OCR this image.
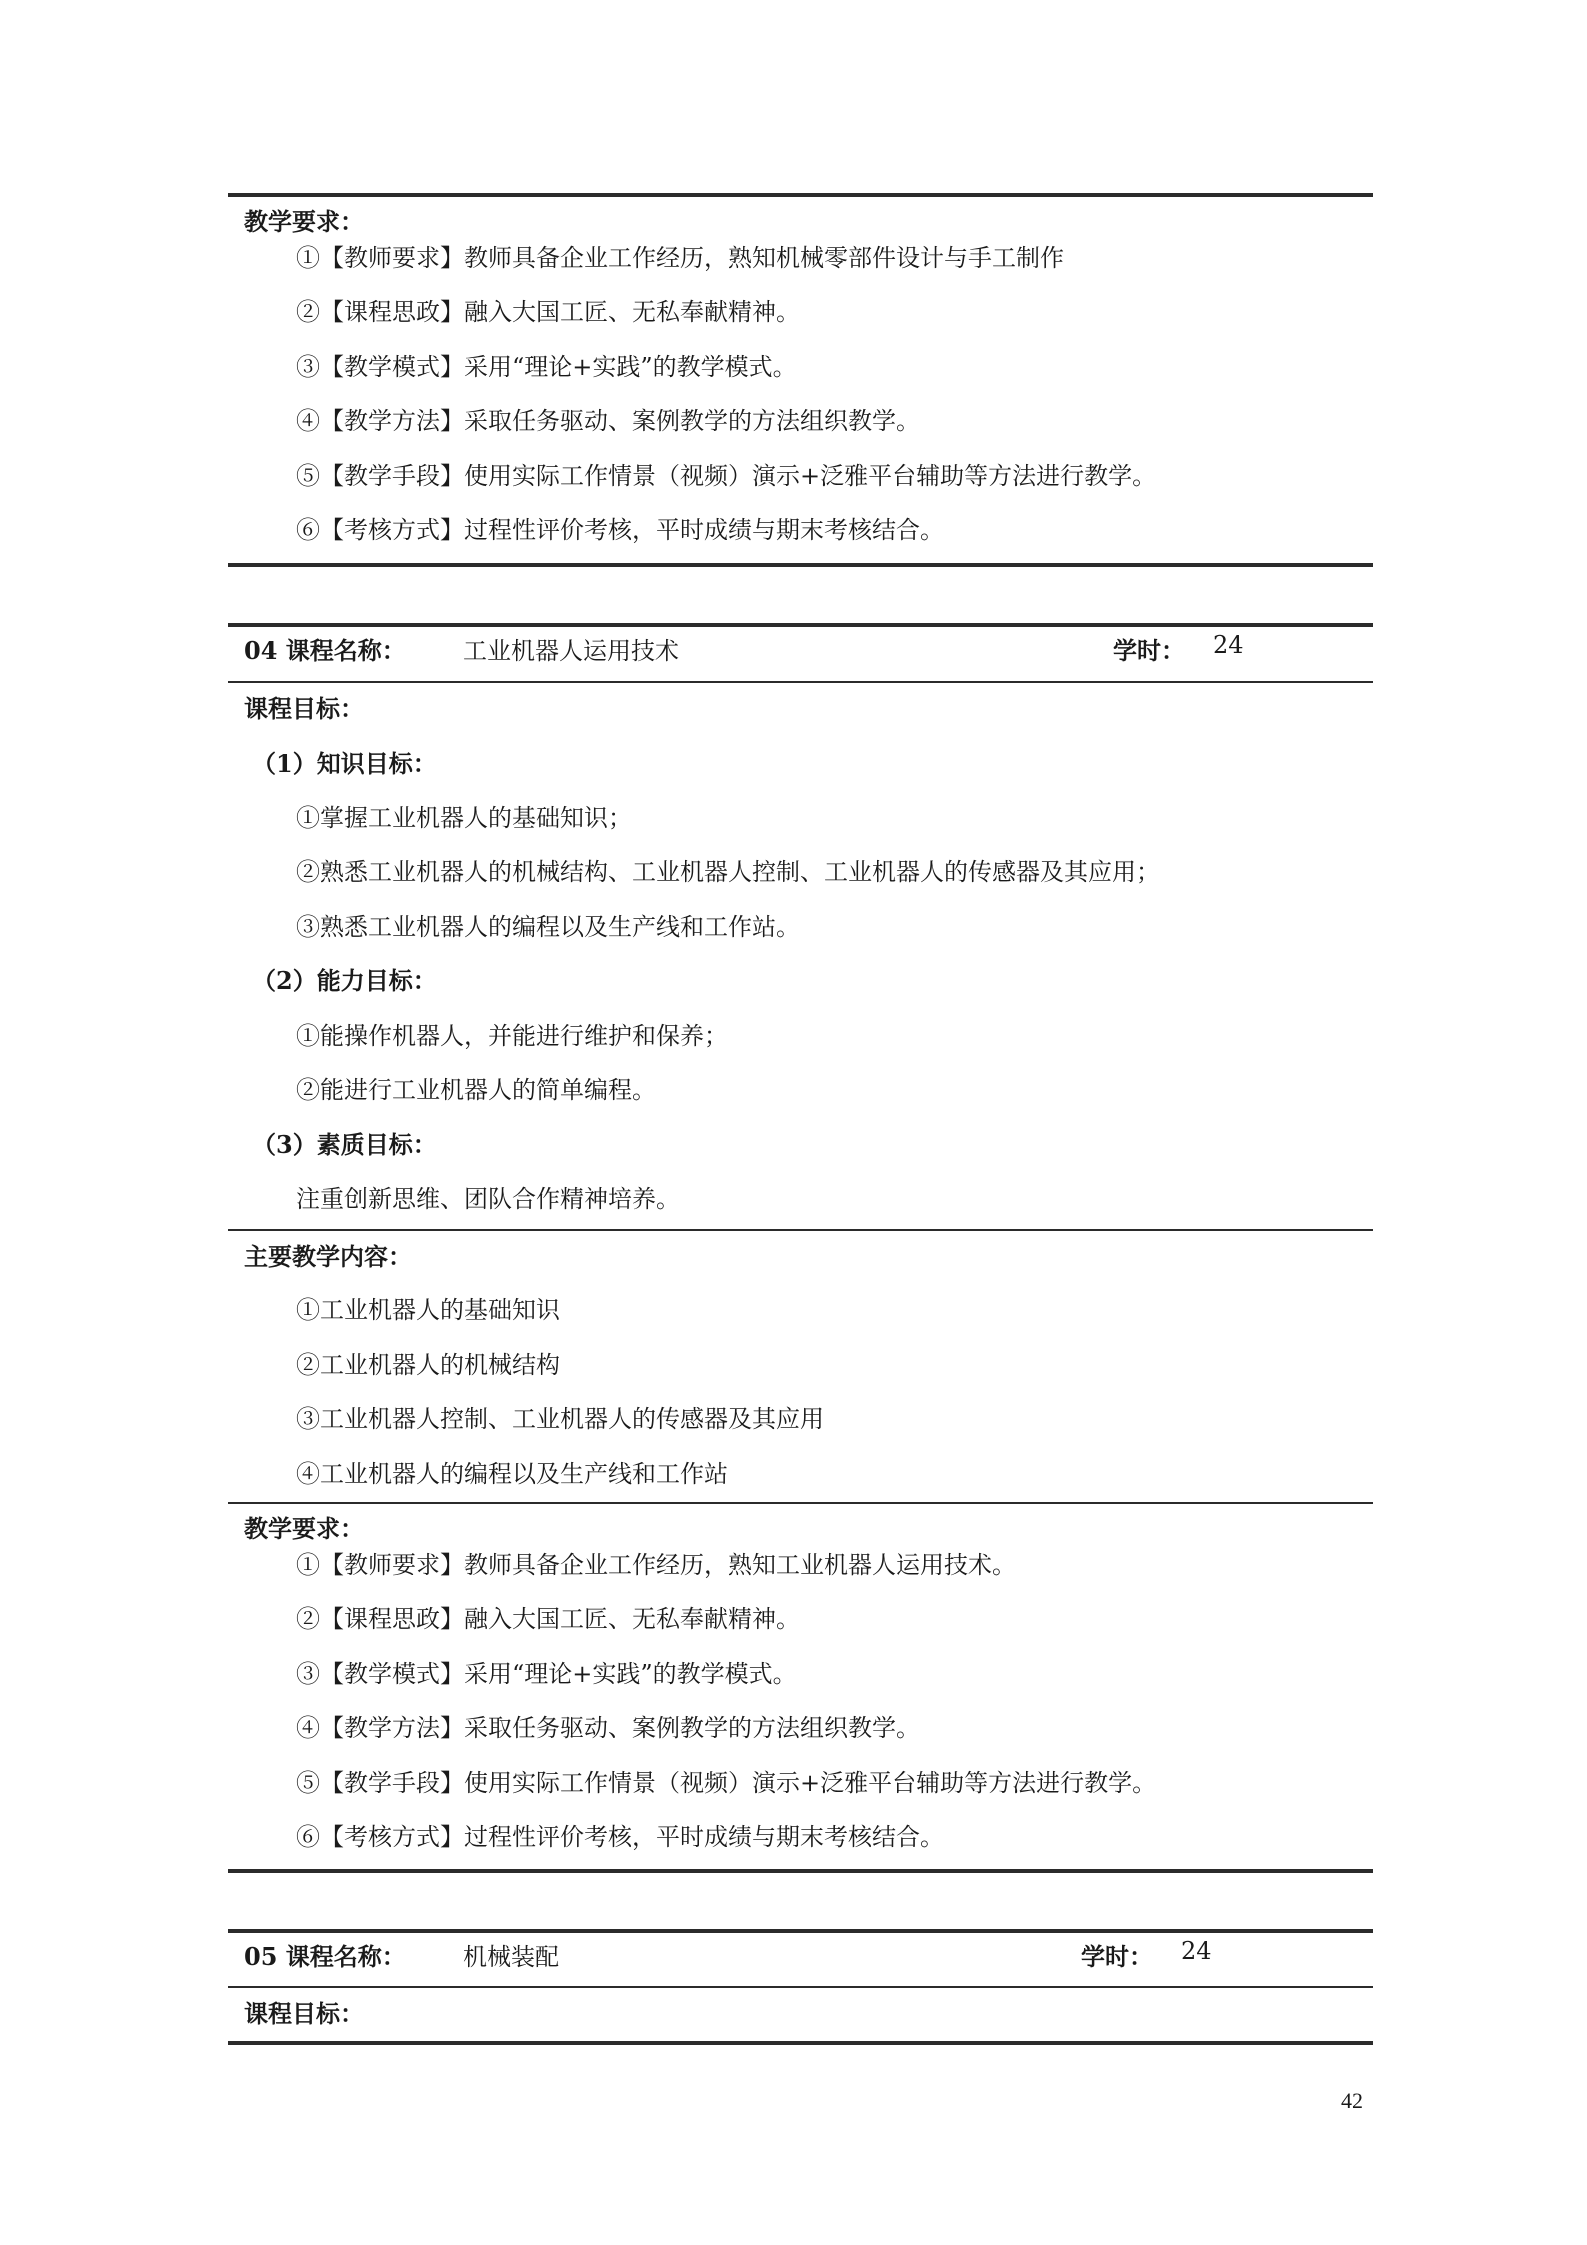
教学要求：
①【教师要求】教师具备企业工作经历，熟知机械零部件设计与手工制作
②【课程思政】融入大国工匠、无私奉献精神。
③【教学模式】采用“理论+实践”的教学模式。
④【教学方法】采取任务驱动、案例教学的方法组织教学。
⑤【教学手段】使用实际工作情景（视频）演示+泛雅平台辅助等方法进行教学。
⑥【考核方式】过程性评价考核，平时成绩与期末考核结合。
04 课程名称： 工业机器人运用技术	学时： 24
课程目标：
（1）知识目标：
①掌握工业机器人的基础知识；
②熟悉工业机器人的机械结构、工业机器人控制、工业机器人的传感器及其应用；
③熟悉工业机器人的编程以及生产线和工作站。
（2）能力目标：
①能操作机器人，并能进行维护和保养；
②能进行工业机器人的简单编程。
（3）素质目标：
注重创新思维、团队合作精神培养。
主要教学内容：
①工业机器人的基础知识
②工业机器人的机械结构
③工业机器人控制、工业机器人的传感器及其应用
④工业机器人的编程以及生产线和工作站
教学要求：
①【教师要求】教师具备企业工作经历，熟知工业机器人运用技术。
②【课程思政】融入大国工匠、无私奉献精神。
③【教学模式】采用“理论+实践”的教学模式。
④【教学方法】采取任务驱动、案例教学的方法组织教学。
⑤【教学手段】使用实际工作情景（视频）演示+泛雅平台辅助等方法进行教学。
⑥【考核方式】过程性评价考核，平时成绩与期末考核结合。
05 课程名称： 机械装配	学时： 24
课程目标：
42
